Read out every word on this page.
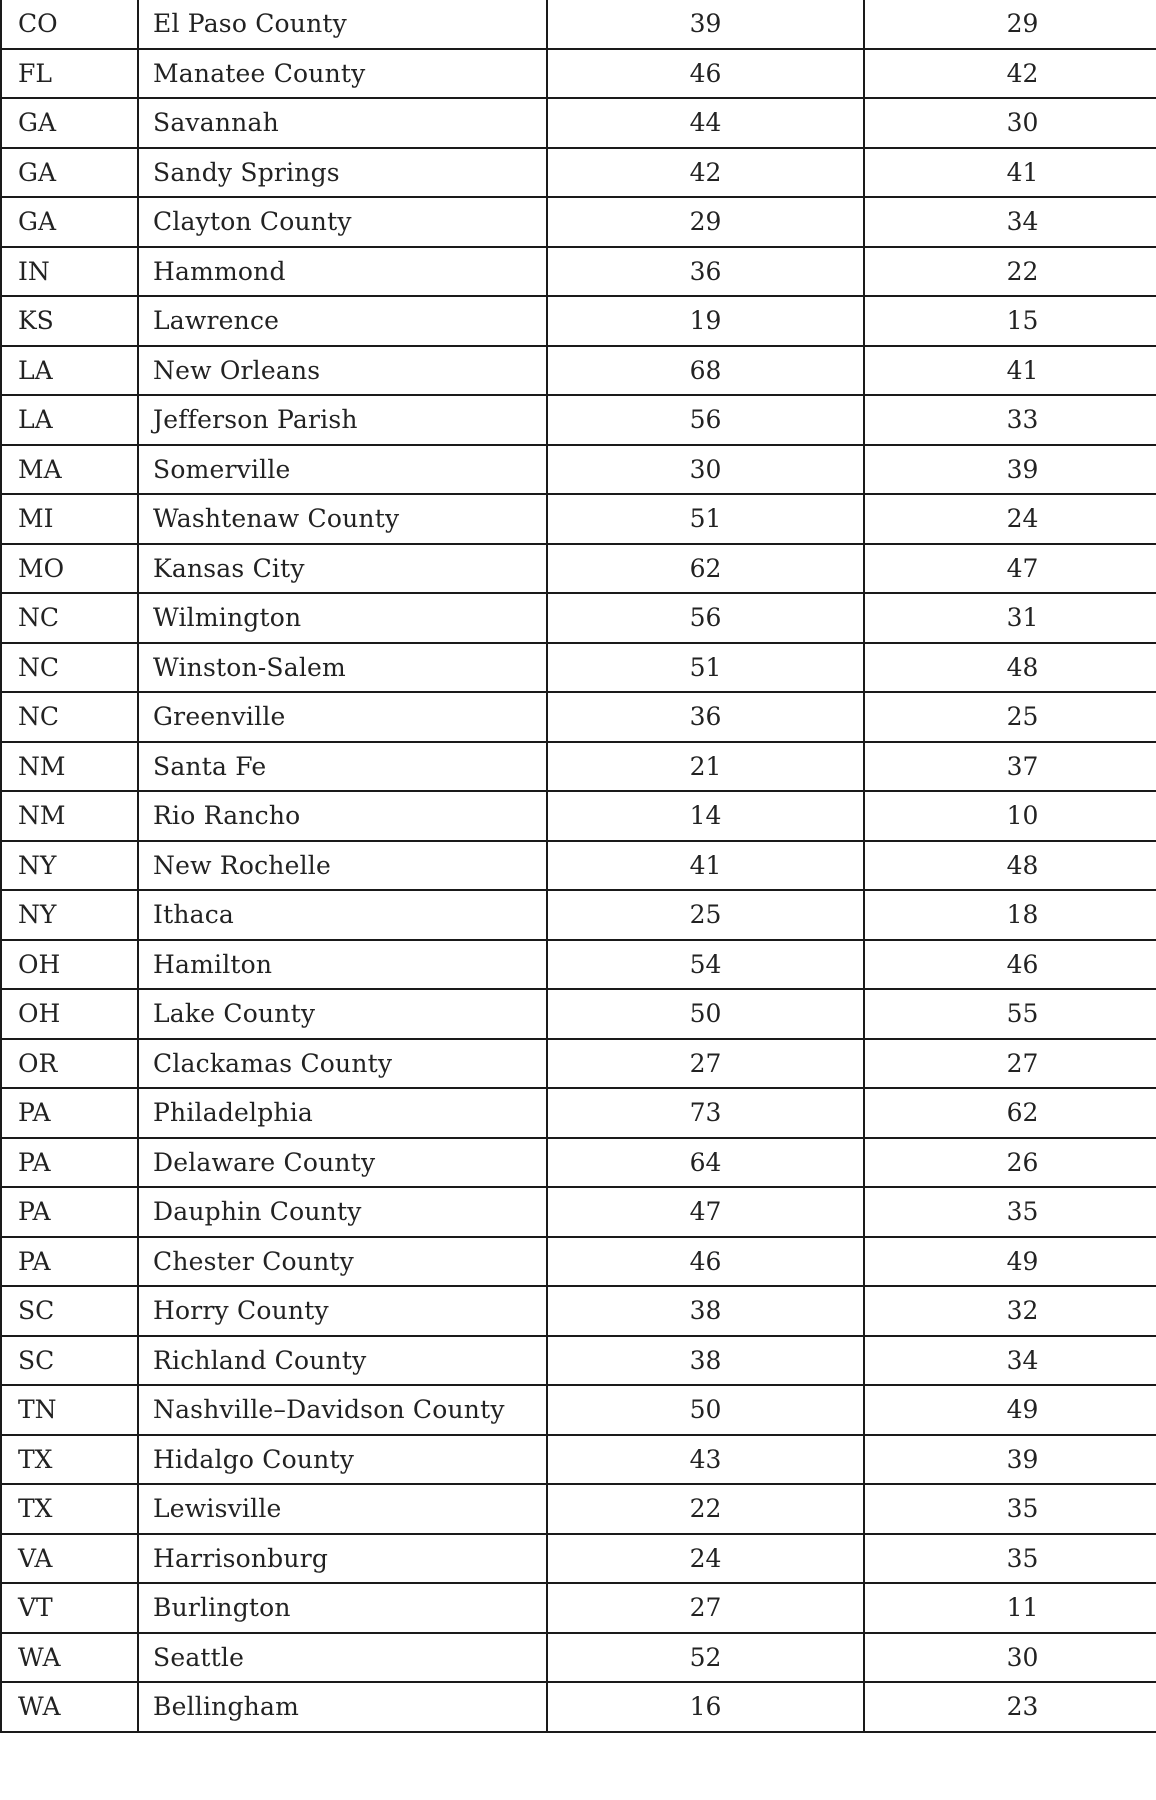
CO	El Paso County	39	29
FL	Manatee County	46	42
GA	Savannah	44	30
GA	Sandy Springs	42	41
GA	Clayton County	29	34
IN	Hammond	36	22
KS	Lawrence	19	15
LA	New Orleans	68	41
LA	Jefferson Parish	56	33
MA	Somerville	30	39
MI	Washtenaw County	51	24
MO	Kansas City	62	47
NC	Wilmington	56	31
NC	Winston-Salem	51	48
NC	Greenville	36	25
NM	Santa Fe	21	37
NM	Rio Rancho	14	10
NY	New Rochelle	41	48
NY	Ithaca	25	18
OH	Hamilton	54	46
OH	Lake County	50	55
OR	Clackamas County	27	27
PA	Philadelphia	73	62
PA	Delaware County	64	26
PA	Dauphin County	47	35
PA	Chester County	46	49
SC	Horry County	38	32
SC	Richland County	38	34
TN	Nashville–Davidson County	50	49
TX	Hidalgo County	43	39
TX	Lewisville	22	35
VA	Harrisonburg	24	35
VT	Burlington	27	11
WA	Seattle	52	30
WA	Bellingham	16	23
